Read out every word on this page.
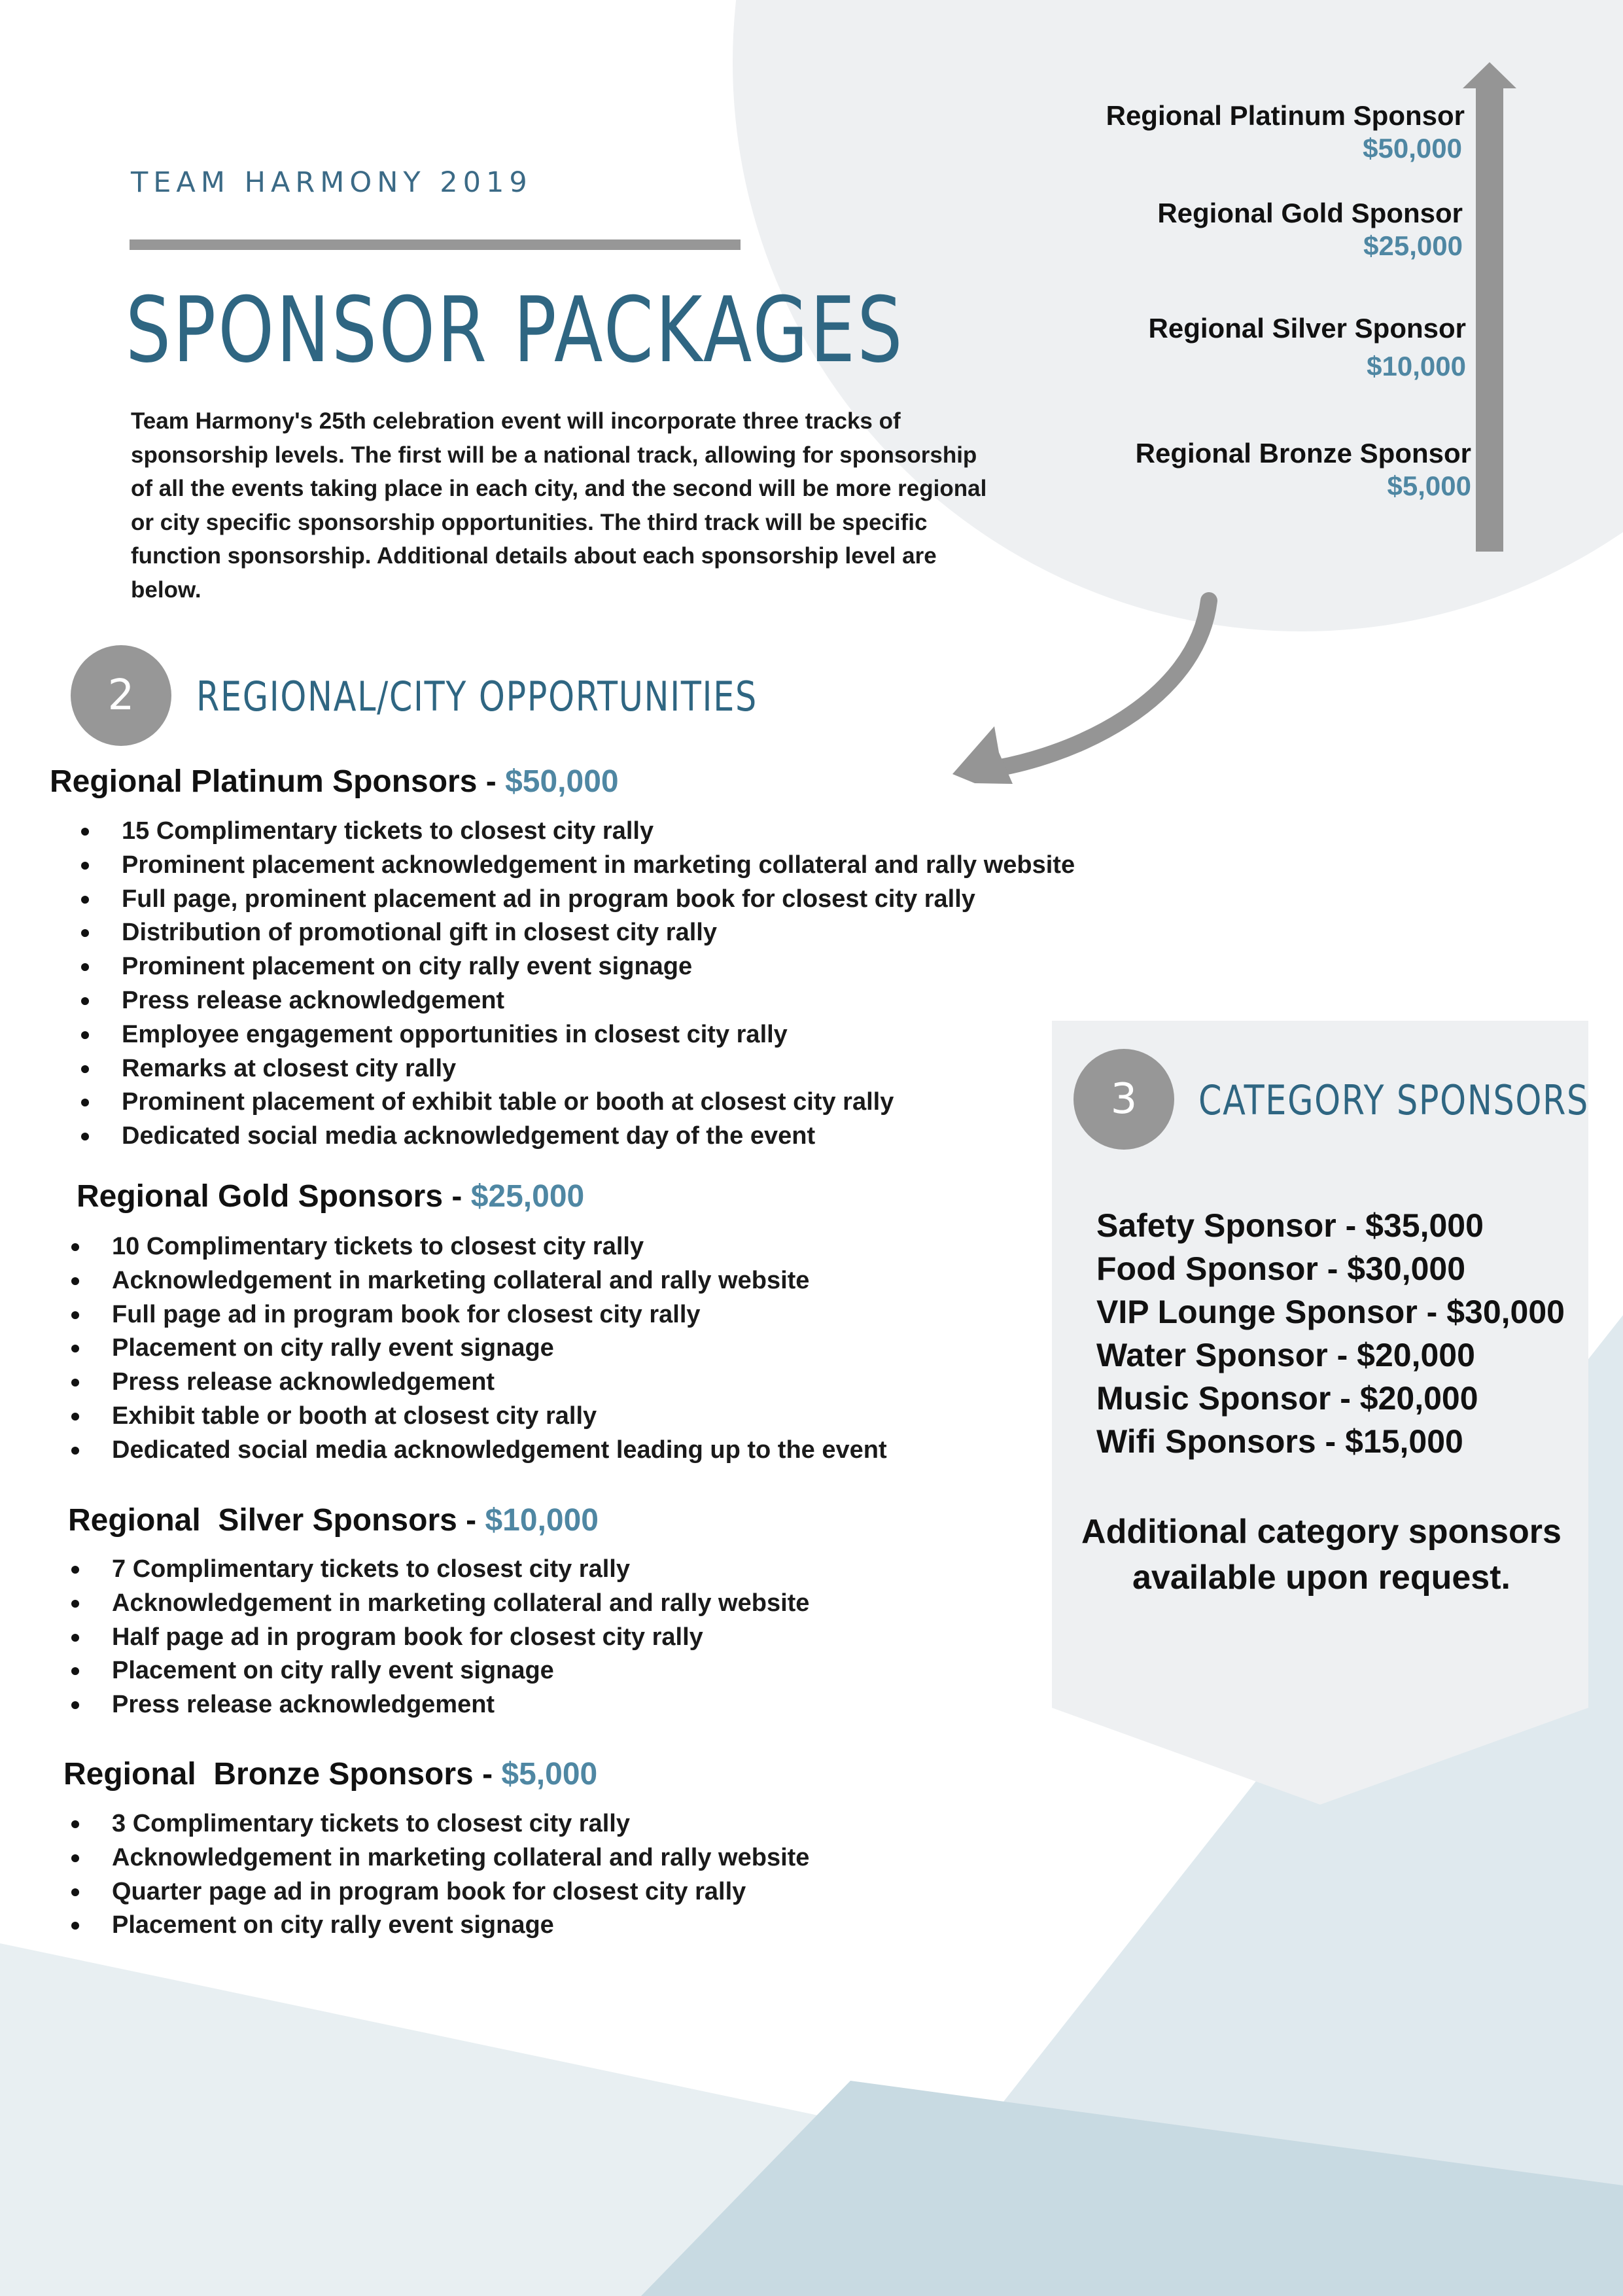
TEAM HARMONY 2019
SPONSOR PACKAGES
Team Harmony's 25th celebration event will incorporate three tracks of sponsorship levels. The first will be a national track, allowing for sponsorship of all the events taking place in each city, and the second will be more regional or city specific sponsorship opportunities. The third track will be specific function sponsorship. Additional details about each sponsorship level are below.
Regional Platinum Sponsor
$50,000
Regional Gold Sponsor
$25,000
Regional Silver Sponsor
$10,000
Regional Bronze Sponsor
$5,000
2	REGIONAL/CITY OPPORTUNITIES
Regional Platinum Sponsors - $50,000
15 Complimentary tickets to closest city rally
Prominent placement acknowledgement in marketing collateral and rally website
Full page, prominent placement ad in program book for closest city rally
Distribution of promotional gift in closest city rally
Prominent placement on city rally event signage
Press release acknowledgement
Employee engagement opportunities in closest city rally
Remarks at closest city rally
Prominent placement of exhibit table or booth at closest city rally
Dedicated social media acknowledgement day of the event
Regional Gold Sponsors - $25,000
10 Complimentary tickets to closest city rally
Acknowledgement in marketing collateral and rally website
Full page ad in program book for closest city rally
Placement on city rally event signage
Press release acknowledgement
Exhibit table or booth at closest city rally
Dedicated social media acknowledgement leading up to the event
Regional  Silver Sponsors - $10,000
7 Complimentary tickets to closest city rally
Acknowledgement in marketing collateral and rally website
Half page ad in program book for closest city rally
Placement on city rally event signage
Press release acknowledgement
Regional  Bronze Sponsors - $5,000
3 Complimentary tickets to closest city rally
Acknowledgement in marketing collateral and rally website
Quarter page ad in program book for closest city rally
Placement on city rally event signage
3	CATEGORY SPONSORS
Safety Sponsor - $35,000
Food Sponsor - $30,000
VIP Lounge Sponsor - $30,000
Water Sponsor - $20,000
Music Sponsor - $20,000
Wifi Sponsors - $15,000
Additional category sponsors available upon request.
